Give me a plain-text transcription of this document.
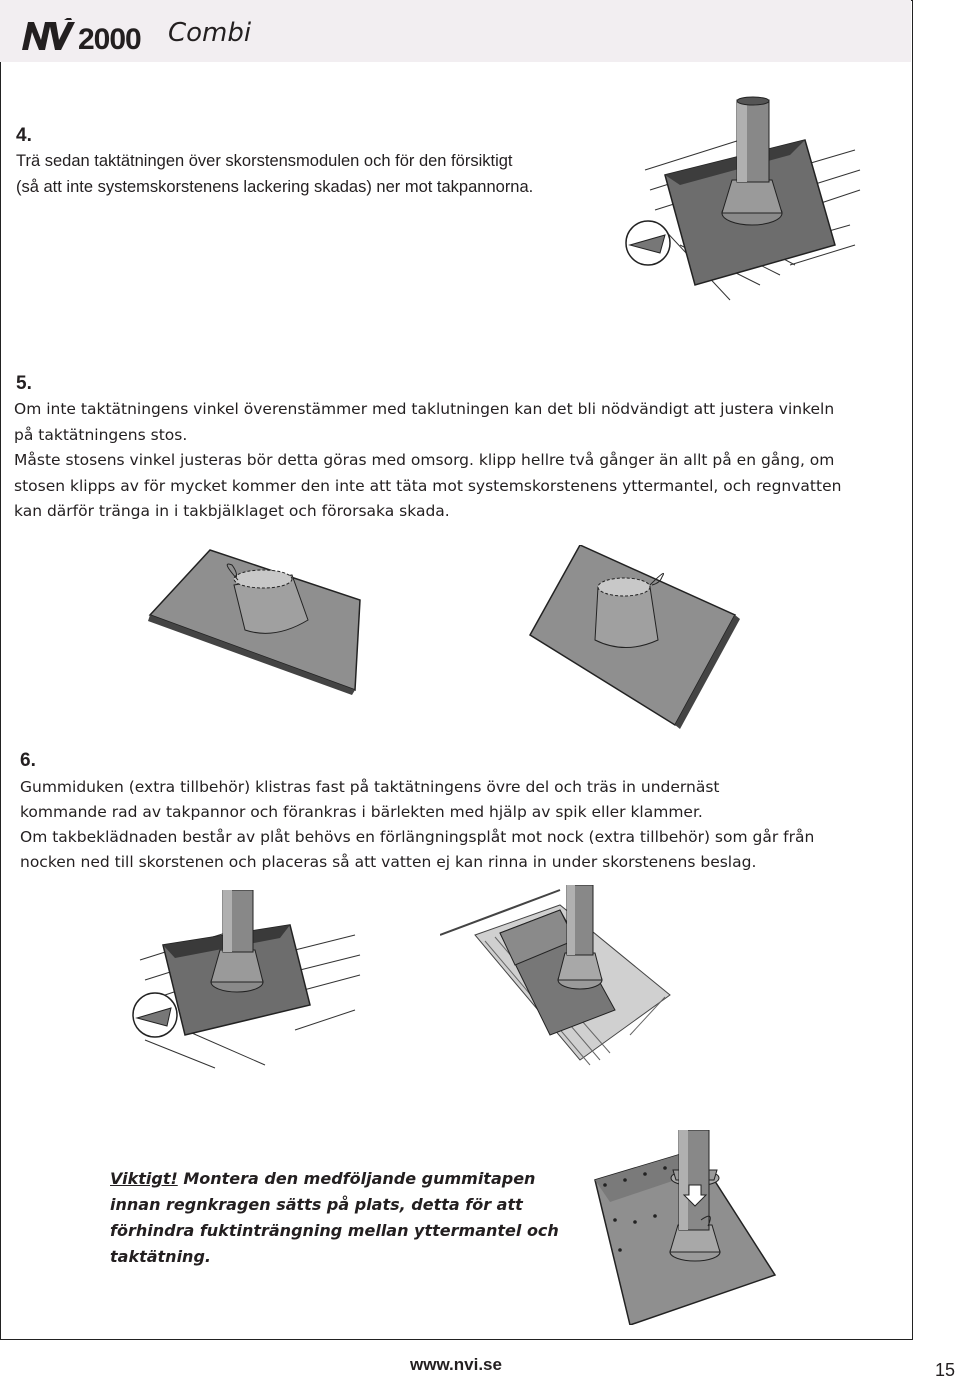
2000 Combi
4.
Trä sedan taktätningen över skorstensmodulen och för den försiktigt
(så att inte systemskorstenens lackering skadas) ner mot takpannorna.
5.
Om inte taktätningens vinkel överenstämmer med taklutningen kan det bli nödvändigt att justera vinkeln
på taktätningens stos.
Måste stosens vinkel justeras bör detta göras med omsorg. klipp hellre två gånger än allt på en gång, om
stosen klipps av för mycket kommer den inte att täta mot systemskorstenens yttermantel, och regnvatten
kan därför tränga in i takbjälklaget och förorsaka skada.
6.
Gummiduken (extra tillbehör) klistras fast på taktätningens övre del och träs in undernäst
kommande rad av takpannor och förankras i bärlekten med hjälp av spik eller klammer.
Om takbeklädnaden består av plåt behövs en förlängningsplåt mot nock (extra tillbehör) som går från
nocken ned till skorstenen och placeras så att vatten ej kan rinna in under skorstenens beslag.
Viktigt! Montera den medföljande gummitapen innan regnkragen sätts på plats, detta för att förhindra fuktinträngning mellan yttermantel och taktätning.
www.nvi.se	15
